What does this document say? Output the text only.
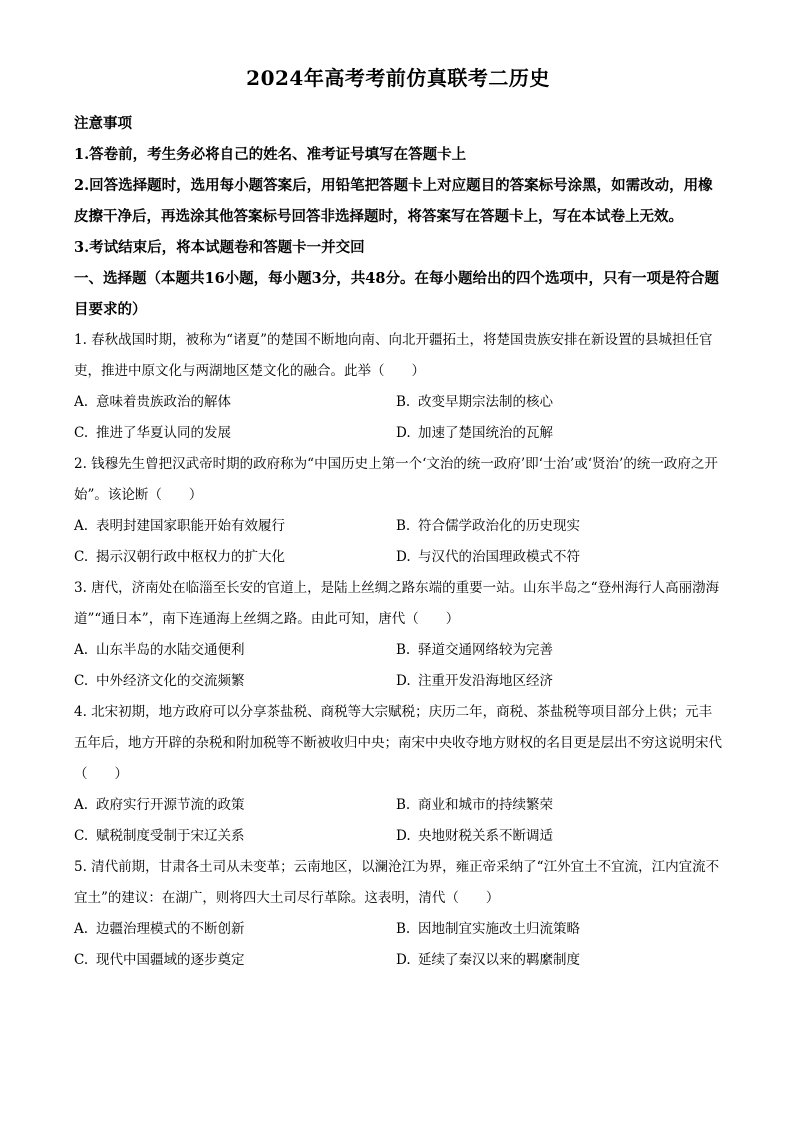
2024年高考考前仿真联考二历史

注意事项

1.答卷前，考生务必将自己的姓名、准考证号填写在答题卡上

2.回答选择题时，选用每小题答案后，用铅笔把答题卡上对应题目的答案标号涂黑，如需改动，用橡皮擦干净后，再选涂其他答案标号回答非选择题时，将答案写在答题卡上，写在本试卷上无效。

3.考试结束后，将本试题卷和答题卡一并交回

一、选择题（本题共16小题，每小题3分，共48分。在每小题给出的四个选项中，只有一项是符合题目要求的）

1. 春秋战国时期，被称为“诸夏”的楚国不断地向南、向北开疆拓土，将楚国贵族安排在新设置的县城担任官吏，推进中原文化与两湖地区楚文化的融合。此举（　　）

A. 意味着贵族政治的解体	B. 改变早期宗法制的核心
C. 推进了华夏认同的发展	D. 加速了楚国统治的瓦解

2. 钱穆先生曾把汉武帝时期的政府称为“中国历史上第一个‘文治的统一政府’即‘士治’或‘贤治’的统一政府之开始”。该论断（　　）

A. 表明封建国家职能开始有效履行	B. 符合儒学政治化的历史现实
C. 揭示汉朝行政中枢权力的扩大化	D. 与汉代的治国理政模式不符

3. 唐代，济南处在临淄至长安的官道上，是陆上丝绸之路东端的重要一站。山东半岛之“登州海行人高丽渤海道”“通日本”，南下连通海上丝绸之路。由此可知，唐代（　　）

A. 山东半岛的水陆交通便利	B. 驿道交通网络较为完善
C. 中外经济文化的交流频繁	D. 注重开发沿海地区经济

4. 北宋初期，地方政府可以分享茶盐税、商税等大宗赋税；庆历二年，商税、茶盐税等项目部分上供；元丰五年后，地方开辟的杂税和附加税等不断被收归中央；南宋中央收夺地方财权的名目更是层出不穷这说明宋代（　　）

A. 政府实行开源节流的政策	B. 商业和城市的持续繁荣
C. 赋税制度受制于宋辽关系	D. 央地财税关系不断调适

5. 清代前期，甘肃各土司从未变革；云南地区，以澜沧江为界，雍正帝采纳了“江外宜土不宜流，江内宜流不宜土”的建议：在湖广，则将四大土司尽行革除。这表明，清代（　　）

A. 边疆治理模式的不断创新	B. 因地制宜实施改土归流策略
C. 现代中国疆域的逐步奠定	D. 延续了秦汉以来的羁縻制度
